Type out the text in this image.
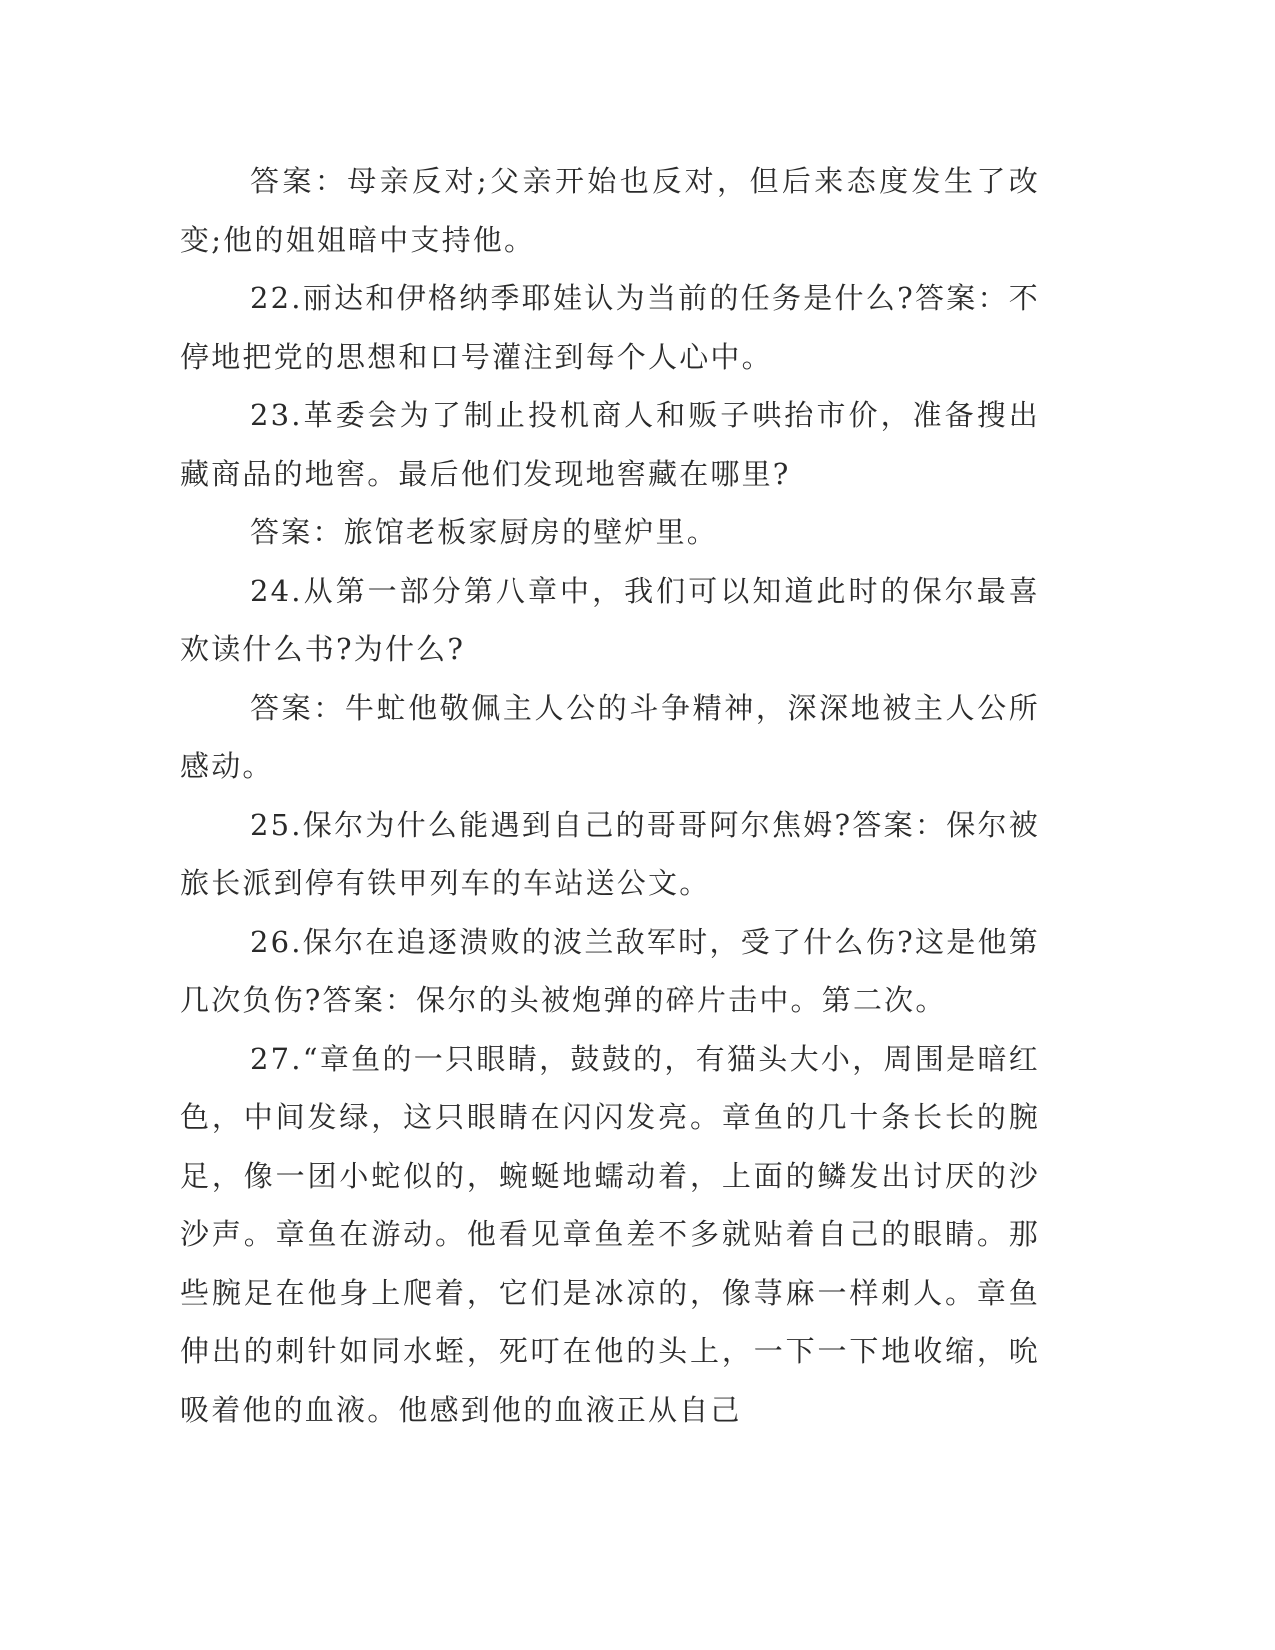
答案：母亲反对;父亲开始也反对，但后来态度发生了改变;他的姐姐暗中支持他。

22.丽达和伊格纳季耶娃认为当前的任务是什么?答案：不停地把党的思想和口号灌注到每个人心中。

23.革委会为了制止投机商人和贩子哄抬市价，准备搜出藏商品的地窖。最后他们发现地窖藏在哪里?

答案：旅馆老板家厨房的壁炉里。

24.从第一部分第八章中，我们可以知道此时的保尔最喜欢读什么书?为什么?

答案：牛虻他敬佩主人公的斗争精神，深深地被主人公所感动。

25.保尔为什么能遇到自己的哥哥阿尔焦姆?答案：保尔被旅长派到停有铁甲列车的车站送公文。

26.保尔在追逐溃败的波兰敌军时，受了什么伤?这是他第几次负伤?答案：保尔的头被炮弹的碎片击中。第二次。

27.“章鱼的一只眼睛，鼓鼓的，有猫头大小，周围是暗红色，中间发绿，这只眼睛在闪闪发亮。章鱼的几十条长长的腕足，像一团小蛇似的，蜿蜒地蠕动着，上面的鳞发出讨厌的沙沙声。章鱼在游动。他看见章鱼差不多就贴着自己的眼睛。那些腕足在他身上爬着，它们是冰凉的，像荨麻一样刺人。章鱼伸出的刺针如同水蛭，死叮在他的头上，一下一下地收缩，吮吸着他的血液。他感到他的血液正从自己
